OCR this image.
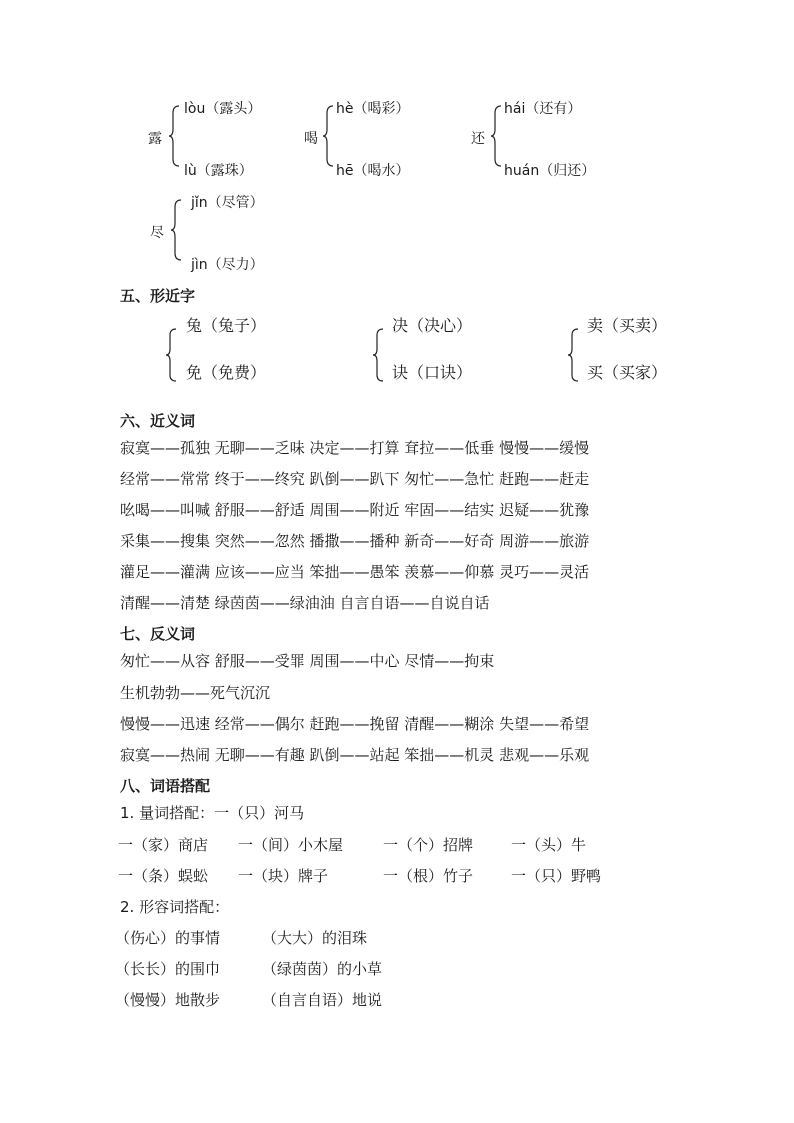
露
lòu（露头）
lù（露珠）
喝
hè（喝彩）
hē（喝水）
还
hái（还有）
huán（归还）
尽
jǐn（尽管）
jìn（尽力）
五、形近字
兔（兔子）
免（免费）
决（决心）
诀（口诀）
卖（买卖）
买（买家）
六、近义词
寂寞——孤独 无聊——乏味 决定——打算 耷拉——低垂 慢慢——缓慢
经常——常常 终于——终究 趴倒——趴下 匆忙——急忙 赶跑——赶走
吆喝——叫喊 舒服——舒适 周围——附近 牢固——结实 迟疑——犹豫
采集——搜集 突然——忽然 播撒——播种 新奇——好奇 周游——旅游
灌足——灌满 应该——应当 笨拙——愚笨 羡慕——仰慕 灵巧——灵活
清醒——清楚 绿茵茵——绿油油 自言自语——自说自话
七、反义词
匆忙——从容 舒服——受罪 周围——中心 尽情——拘束
生机勃勃——死气沉沉
慢慢——迅速 经常——偶尔 赶跑——挽留 清醒——糊涂 失望——希望
寂寞——热闹 无聊——有趣 趴倒——站起 笨拙——机灵 悲观——乐观
八、词语搭配
1. 量词搭配：一（只）河马
一（家）商店 一（间）小木屋	一（个）招牌	一（头）牛
一（条）蜈蚣 一（块）牌子	一（根）竹子	一（只）野鸭
2. 形容词搭配：
（伤心）的事情	（大大）的泪珠
（长长）的围巾	（绿茵茵）的小草
（慢慢）地散步	（自言自语）地说
